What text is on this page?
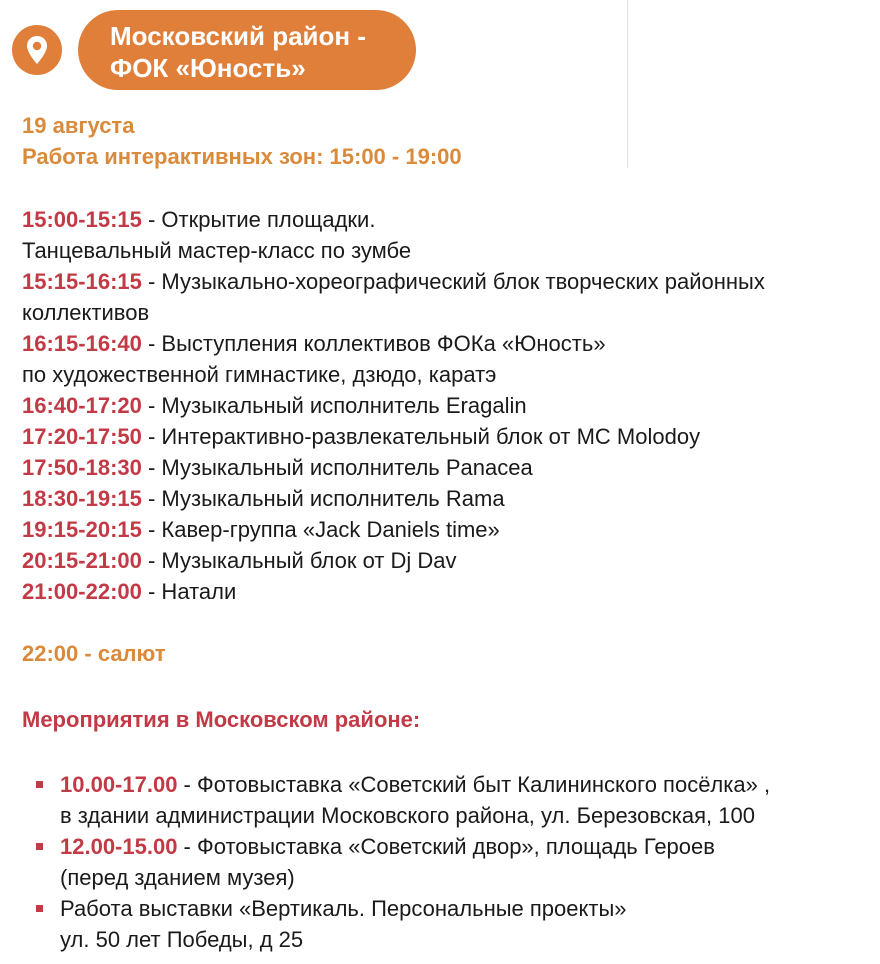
Московский район -
ФОК «Юность»
19 августа
Работа интерактивных зон: 15:00 - 19:00
15:00-15:15 - Открытие площадки.
Танцевальный мастер-класс по зумбе
15:15-16:15 - Музыкально-хореографический блок творческих районных коллективов
16:15-16:40 - Выступления коллективов ФОКа «Юность»
по художественной гимнастике, дзюдо, каратэ
16:40-17:20 - Музыкальный исполнитель Eragalin
17:20-17:50 - Интерактивно-развлекательный блок от MC Molodoy
17:50-18:30 - Музыкальный исполнитель Panacea
18:30-19:15 - Музыкальный исполнитель Rama
19:15-20:15 - Кавер-группа «Jack Daniels time»
20:15-21:00 - Музыкальный блок от Dj Dav
21:00-22:00 - Натали
22:00 - салют
Мероприятия в Московском районе:
10.00-17.00 - Фотовыставка «Советский быт Калининского посёлка» ,
в здании администрации Московского района, ул. Березовская, 100
12.00-15.00 - Фотовыставка «Советский двор», площадь Героев
(перед зданием музея)
Работа выставки «Вертикаль. Персональные проекты»
ул. 50 лет Победы, д 25
